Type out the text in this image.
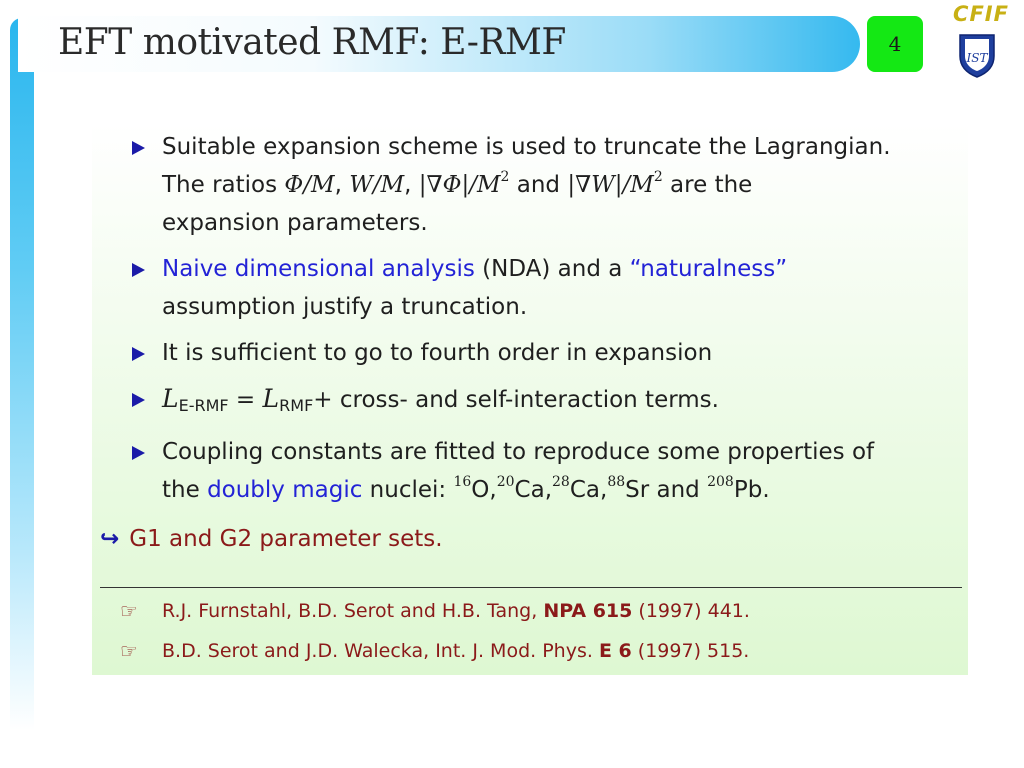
EFT motivated RMF: E-RMF	4
CFIF
IST
Suitable expansion scheme is used to truncate the Lagrangian.
The ratios Φ/M, W/M, $|\nabla\Phi|/M^2$ and $|\nabla W|/M^2$ are the
expansion parameters.
Naive dimensional analysis (NDA) and a “naturalness”
assumption justify a truncation.
It is sufficient to go to fourth order in expansion
$L_{E-RMF} = L_{RMF}+$ cross- and self-interaction terms.
Coupling constants are fitted to reproduce some properties of
the doubly magic nuclei: $^{16}$O,$^{20}$Ca,$^{28}$Ca,$^{88}$Sr and $^{208}$Pb.
↪ G1 and G2 parameter sets.
☞ R.J. Furnstahl, B.D. Serot and H.B. Tang, NPA 615 (1997) 441.
☞ B.D. Serot and J.D. Walecka, Int. J. Mod. Phys. E 6 (1997) 515.
